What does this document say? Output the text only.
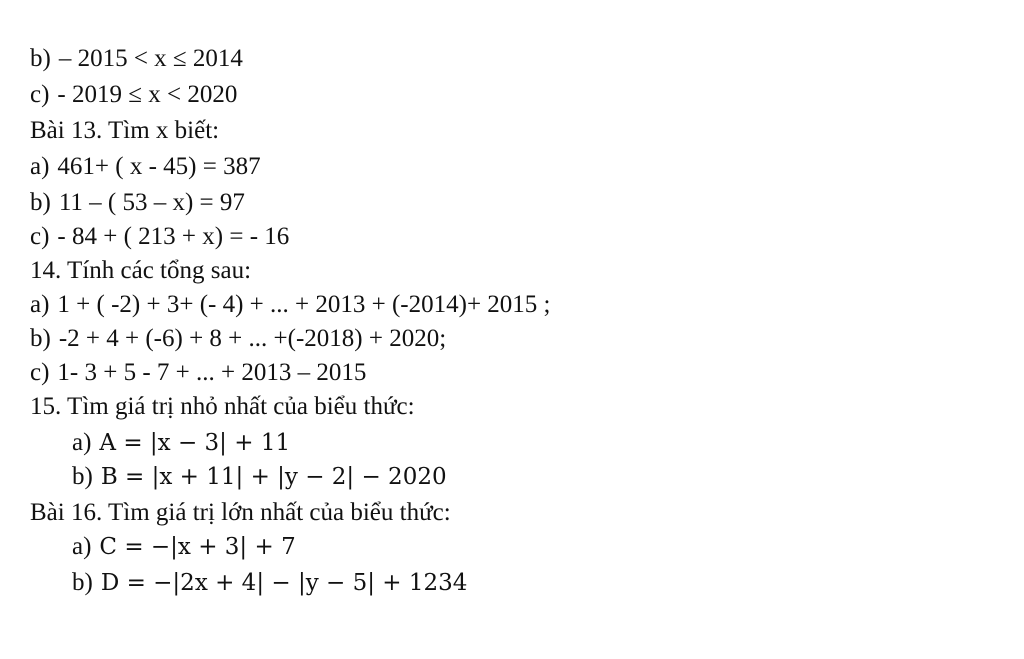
b) – 2015 < x ≤ 2014
c) - 2019 ≤ x < 2020
Bài 13. Tìm x biết:
a) 461+ ( x - 45) = 387
b) 11 – ( 53 – x) = 97
c) - 84 + ( 213 + x) = - 16
14. Tính các tổng sau:
a) 1 + ( -2) + 3+ (- 4) + ... + 2013 + (-2014)+ 2015 ;
b) -2 + 4 + (-6) + 8 + ... +(-2018) + 2020;
c) 1- 3 + 5 - 7 + ... + 2013 – 2015
15. Tìm giá trị nhỏ nhất của biểu thức:
a) A = |x − 3| + 11
b) B = |x + 11| + |y − 2| − 2020
Bài 16. Tìm giá trị lớn nhất của biểu thức:
a) C = −|x + 3| + 7
b) D = −|2x + 4| − |y − 5| + 1234
